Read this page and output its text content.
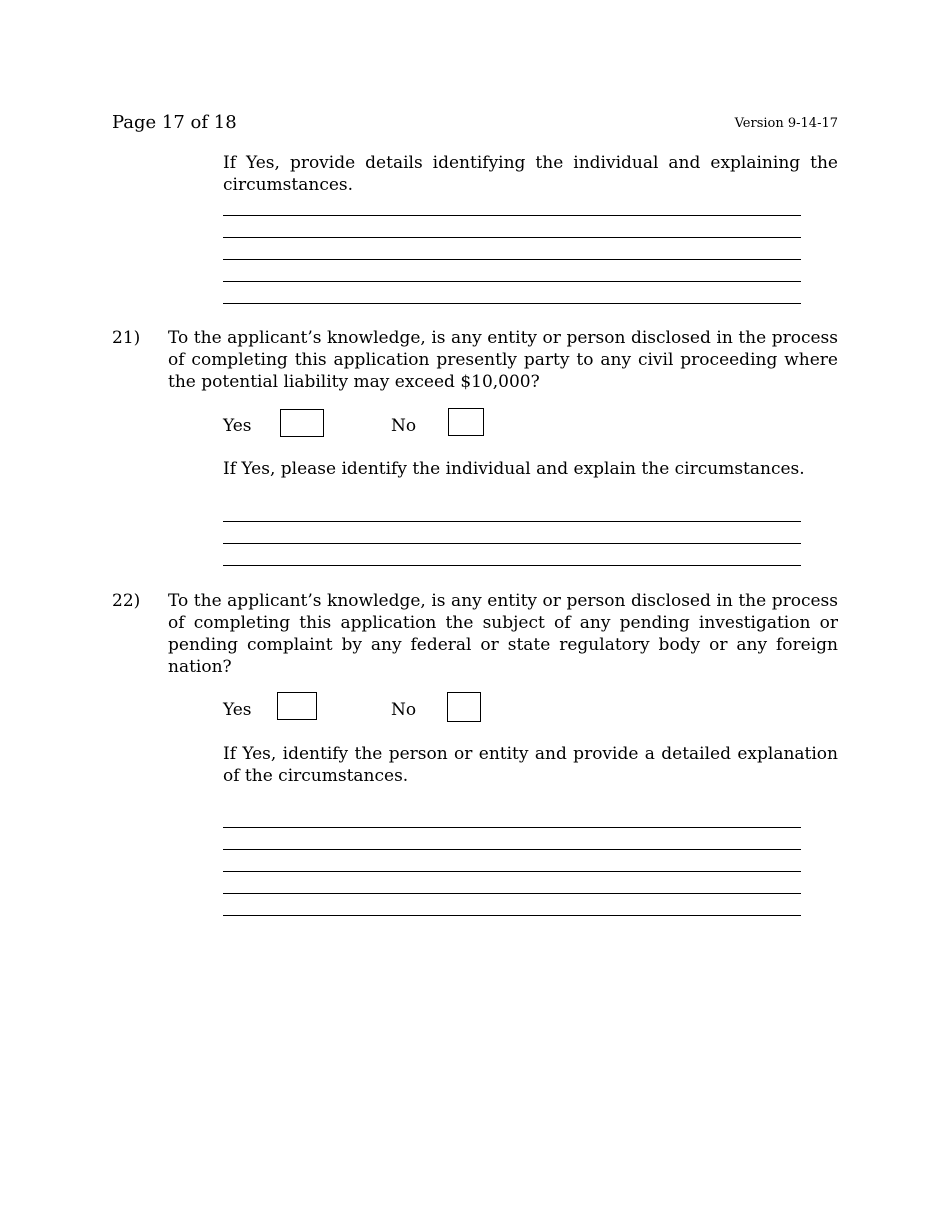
Page 17 of 18	Version 9-14-17

If Yes, provide details identifying the individual and explaining the circumstances.

21) To the applicant’s knowledge, is any entity or person disclosed in the process of completing this application presently party to any civil proceeding where the potential liability may exceed $10,000?

Yes	No

If Yes, please identify the individual and explain the circumstances.

22) To the applicant’s knowledge, is any entity or person disclosed in the process of completing this application the subject of any pending investigation or pending complaint by any federal or state regulatory body or any foreign nation?

Yes	No

If Yes, identify the person or entity and provide a detailed explanation of the circumstances.
